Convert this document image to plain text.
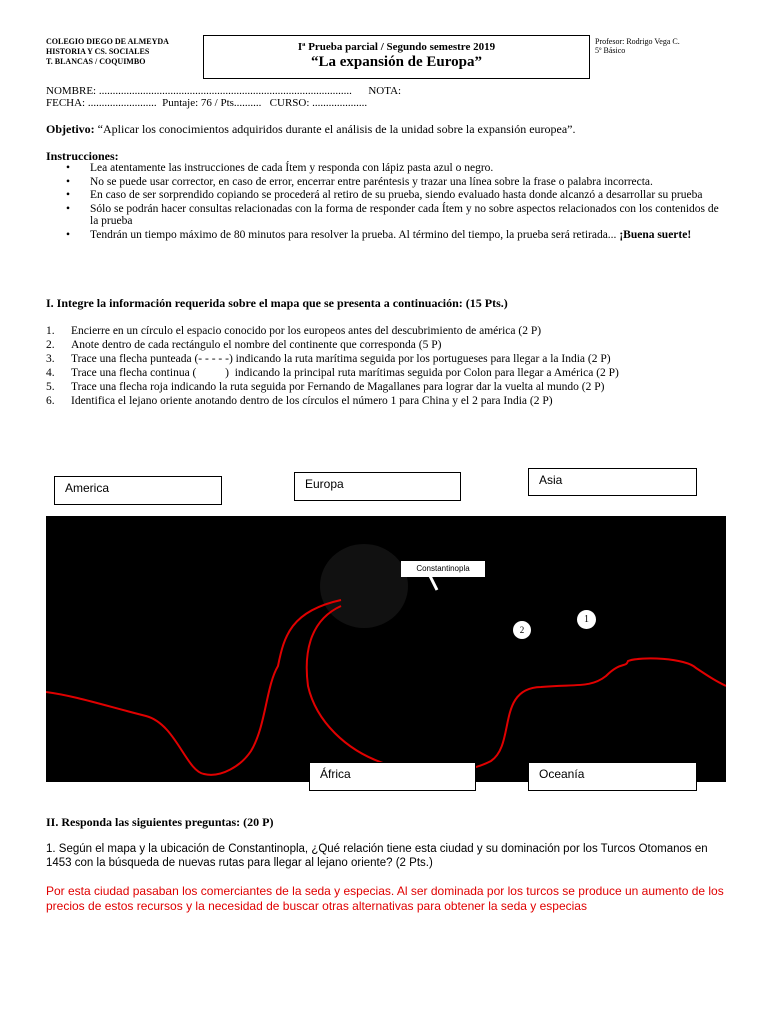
COLEGIO DIEGO DE ALMEYDA
HISTORIA Y CS. SOCIALES
T. BLANCAS / COQUIMBO
Iª Prueba parcial / Segundo semestre 2019
“La expansión de Europa”
Profesor: Rodrigo Vega C.
5º Básico
NOMBRE: ............................................................................................      NOTA:
FECHA: .........................  Puntaje: 76 / Pts..........   CURSO: ....................
Objetivo: “Aplicar los conocimientos adquiridos durante el análisis de la unidad sobre la expansión europea”.
Instrucciones:
• Lea atentamente las instrucciones de cada Ítem y responda con lápiz pasta azul o negro.
• No se puede usar corrector, en caso de error, encerrar entre paréntesis y trazar una línea sobre la frase o palabra incorrecta.
• En caso de ser sorprendido copiando se procederá al retiro de su prueba, siendo evaluado hasta donde alcanzó a desarrollar su prueba
• Sólo se podrán hacer consultas relacionadas con la forma de responder cada Ítem y no sobre aspectos relacionados con los contenidos de la prueba
• Tendrán un tiempo máximo de 80 minutos para resolver la prueba. Al término del tiempo, la prueba será retirada... ¡Buena suerte!
I. Integre la información requerida sobre el mapa que se presenta a continuación: (15 Pts.)
1. Encierre en un círculo el espacio conocido por los europeos antes del descubrimiento de américa (2 P)
2. Anote dentro de cada rectángulo el nombre del continente que corresponda (5 P)
3. Trace una flecha punteada (- - - - -) indicando la ruta marítima seguida por los portugueses para llegar a la India (2 P)
4. Trace una flecha continua (          )  indicando la principal ruta marítimas seguida por Colon para llegar a América (2 P)
5. Trace una flecha roja indicando la ruta seguida por Fernando de Magallanes para lograr dar la vuelta al mundo (2 P)
6. Identifica el lejano oriente anotando dentro de los círculos el número 1 para China y el 2 para India (2 P)
America	Europa	Asia
Constantinopla
1
2
África	Oceanía
II. Responda las siguientes preguntas: (20 P)
1. Según el mapa y la ubicación de Constantinopla, ¿Qué relación tiene esta ciudad y su dominación por los Turcos Otomanos en 1453 con la búsqueda de nuevas rutas para llegar al lejano oriente? (2 Pts.)
Por esta ciudad pasaban los comerciantes de la seda y especias. Al ser dominada por los turcos se produce un aumento de los precios de estos recursos y la necesidad de buscar otras alternativas para obtener la seda y especias
